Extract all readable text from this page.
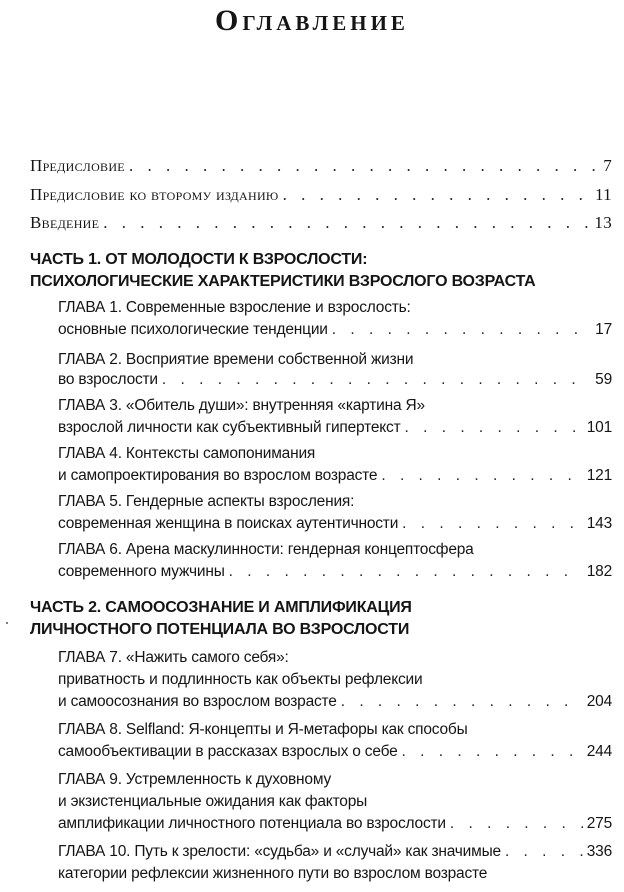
Оглавление
Предисловие . . .	7
Предисловие ко второму изданию . . .	11
Введение . . .	13
ЧАСТЬ 1. ОТ МОЛОДОСТИ К ВЗРОСЛОСТИ:
ПСИХОЛОГИЧЕСКИЕ ХАРАКТЕРИСТИКИ ВЗРОСЛОГО ВОЗРАСТА
ГЛАВА 1. Современные взросление и взрослость:
основные психологические тенденции . . .	17
ГЛАВА 2. Восприятие времени собственной жизни
во взрослости . . .	59
ГЛАВА 3. «Обитель души»: внутренняя «картина Я»
взрослой личности как субъективный гипертекст . . .	101
ГЛАВА 4. Контексты самопонимания
и самопроектирования во взрослом возрасте . . .	121
ГЛАВА 5. Гендерные аспекты взросления:
современная женщина в поисках аутентичности . . .	143
ГЛАВА 6. Арена маскулинности: гендерная концептосфера
современного мужчины . . .	182
ЧАСТЬ 2. САМООСОЗНАНИЕ И АМПЛИФИКАЦИЯ
ЛИЧНОСТНОГО ПОТЕНЦИАЛА ВО ВЗРОСЛОСТИ
ГЛАВА 7. «Нажить самого себя»:
приватность и подлинность как объекты рефлексии
и самоосознания во взрослом возрасте . . .	204
ГЛАВА 8. Selfland: Я-концепты и Я-метафоры как способы
самообъективации в рассказах взрослых о себе . . .	244
ГЛАВА 9. Устремленность к духовному
и экзистенциальные ожидания как факторы
амплификации личностного потенциала во взрослости . . .	275
ГЛАВА 10. Путь к зрелости: «судьба» и «случай» как значимые . . .	336
категории рефлексии жизненного пути во взрослом возрасте
